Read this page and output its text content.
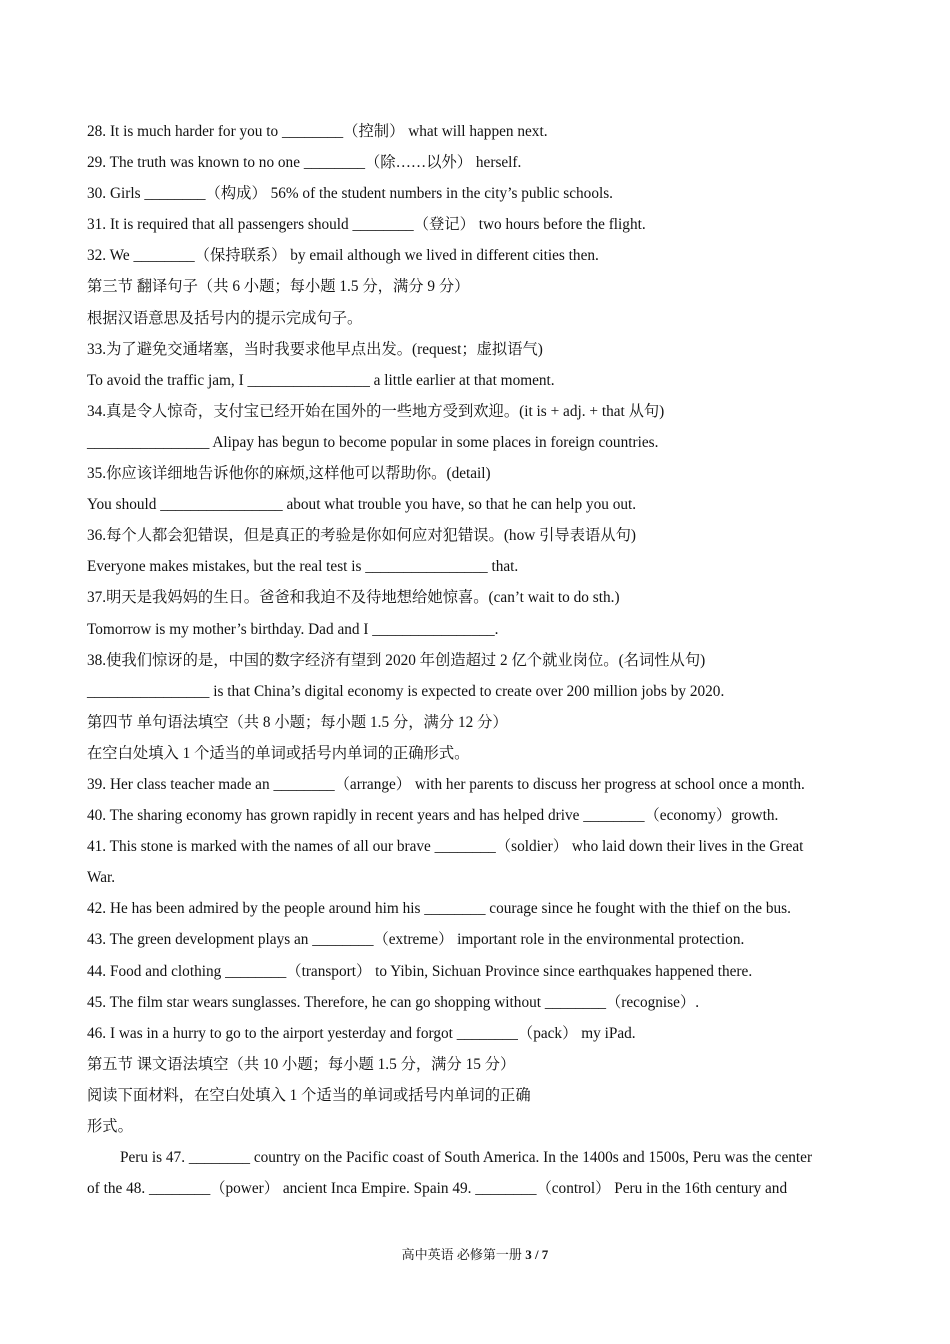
28. It is much harder for you to ________（控制） what will happen next.
29. The truth was known to no one ________（除……以外） herself.
30. Girls ________（构成） 56% of the student numbers in the city’s public schools.
31. It is required that all passengers should ________（登记） two hours before the flight.
32. We ________（保持联系） by email although we lived in different cities then.
第三节 翻译句子（共 6 小题；每小题 1.5 分，满分 9 分）
根据汉语意思及括号内的提示完成句子。
33.为了避免交通堵塞，当时我要求他早点出发。(request；虚拟语气)
To avoid the traffic jam, I ________________ a little earlier at that moment.
34.真是令人惊奇，支付宝已经开始在国外的一些地方受到欢迎。(it is + adj. + that 从句)
________________ Alipay has begun to become popular in some places in foreign countries.
35.你应该详细地告诉他你的麻烦,这样他可以帮助你。(detail)
You should ________________ about what trouble you have, so that he can help you out.
36.每个人都会犯错误，但是真正的考验是你如何应对犯错误。(how 引导表语从句)
Everyone makes mistakes, but the real test is ________________ that.
37.明天是我妈妈的生日。爸爸和我迫不及待地想给她惊喜。(can’t wait to do sth.)
Tomorrow is my mother’s birthday. Dad and I ________________.
38.使我们惊讶的是，中国的数字经济有望到 2020 年创造超过 2 亿个就业岗位。(名词性从句)
________________ is that China’s digital economy is expected to create over 200 million jobs by 2020.
第四节 单句语法填空（共 8 小题；每小题 1.5 分，满分 12 分）
在空白处填入 1 个适当的单词或括号内单词的正确形式。
39. Her class teacher made an ________（arrange） with her parents to discuss her progress at school once a month.
40. The sharing economy has grown rapidly in recent years and has helped drive ________（economy）growth.
41. This stone is marked with the names of all our brave ________（soldier） who laid down their lives in the Great
War.
42. He has been admired by the people around him his ________ courage since he fought with the thief on the bus.
43. The green development plays an ________（extreme） important role in the environmental protection.
44. Food and clothing ________（transport） to Yibin, Sichuan Province since earthquakes happened there.
45. The film star wears sunglasses. Therefore, he can go shopping without ________（recognise）.
46. I was in a hurry to go to the airport yesterday and forgot ________（pack） my iPad.
第五节 课文语法填空（共 10 小题；每小题 1.5 分，满分 15 分）
阅读下面材料，在空白处填入 1 个适当的单词或括号内单词的正确
形式。
Peru is 47. ________ country on the Pacific coast of South America. In the 1400s and 1500s, Peru was the center
of the 48. ________（power） ancient Inca Empire. Spain 49. ________（control） Peru in the 16th century and
高中英语 必修第一册 3 / 7
